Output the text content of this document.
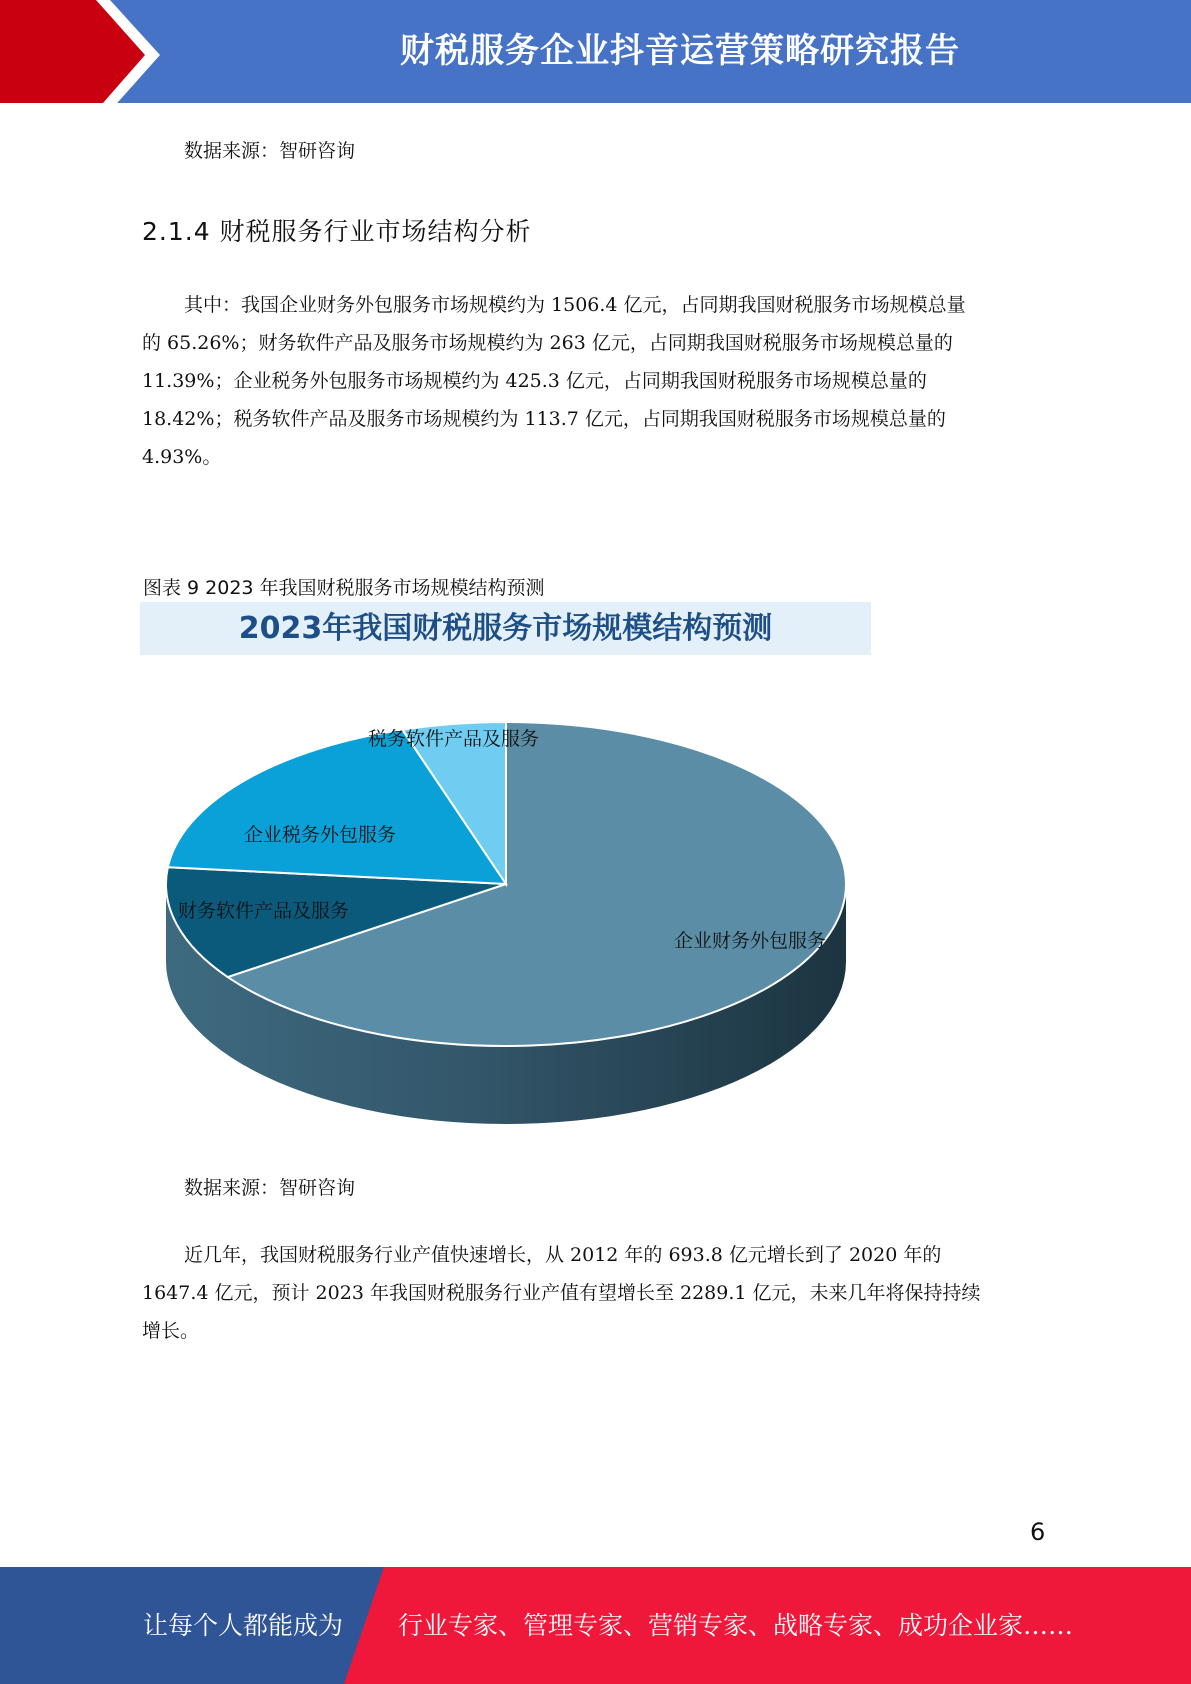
财税服务企业抖音运营策略研究报告
数据来源：智研咨询
2.1.4 财税服务行业市场结构分析

其中：我国企业财务外包服务市场规模约为 1506.4 亿元，占同期我国财税服务市场规模总量

的 65.26%；财务软件产品及服务市场规模约为 263 亿元，占同期我国财税服务市场规模总量的

11.39%；企业税务外包服务市场规模约为 425.3 亿元，占同期我国财税服务市场规模总量的

18.42%；税务软件产品及服务市场规模约为 113.7 亿元，占同期我国财税服务市场规模总量的

4.93%。

图表 9 2023 年我国财税服务市场规模结构预测
2023年我国财税服务市场规模结构预测
税务软件产品及服务
企业税务外包服务
财务软件产品及服务
企业财务外包服务
数据来源：智研咨询

近几年，我国财税服务行业产值快速增长，从 2012 年的 693.8 亿元增长到了 2020 年的

1647.4 亿元，预计 2023 年我国财税服务行业产值有望增长至 2289.1 亿元，未来几年将保持持续

增长。

6
让每个人都能成为 行业专家、管理专家、营销专家、战略专家、成功企业家……
